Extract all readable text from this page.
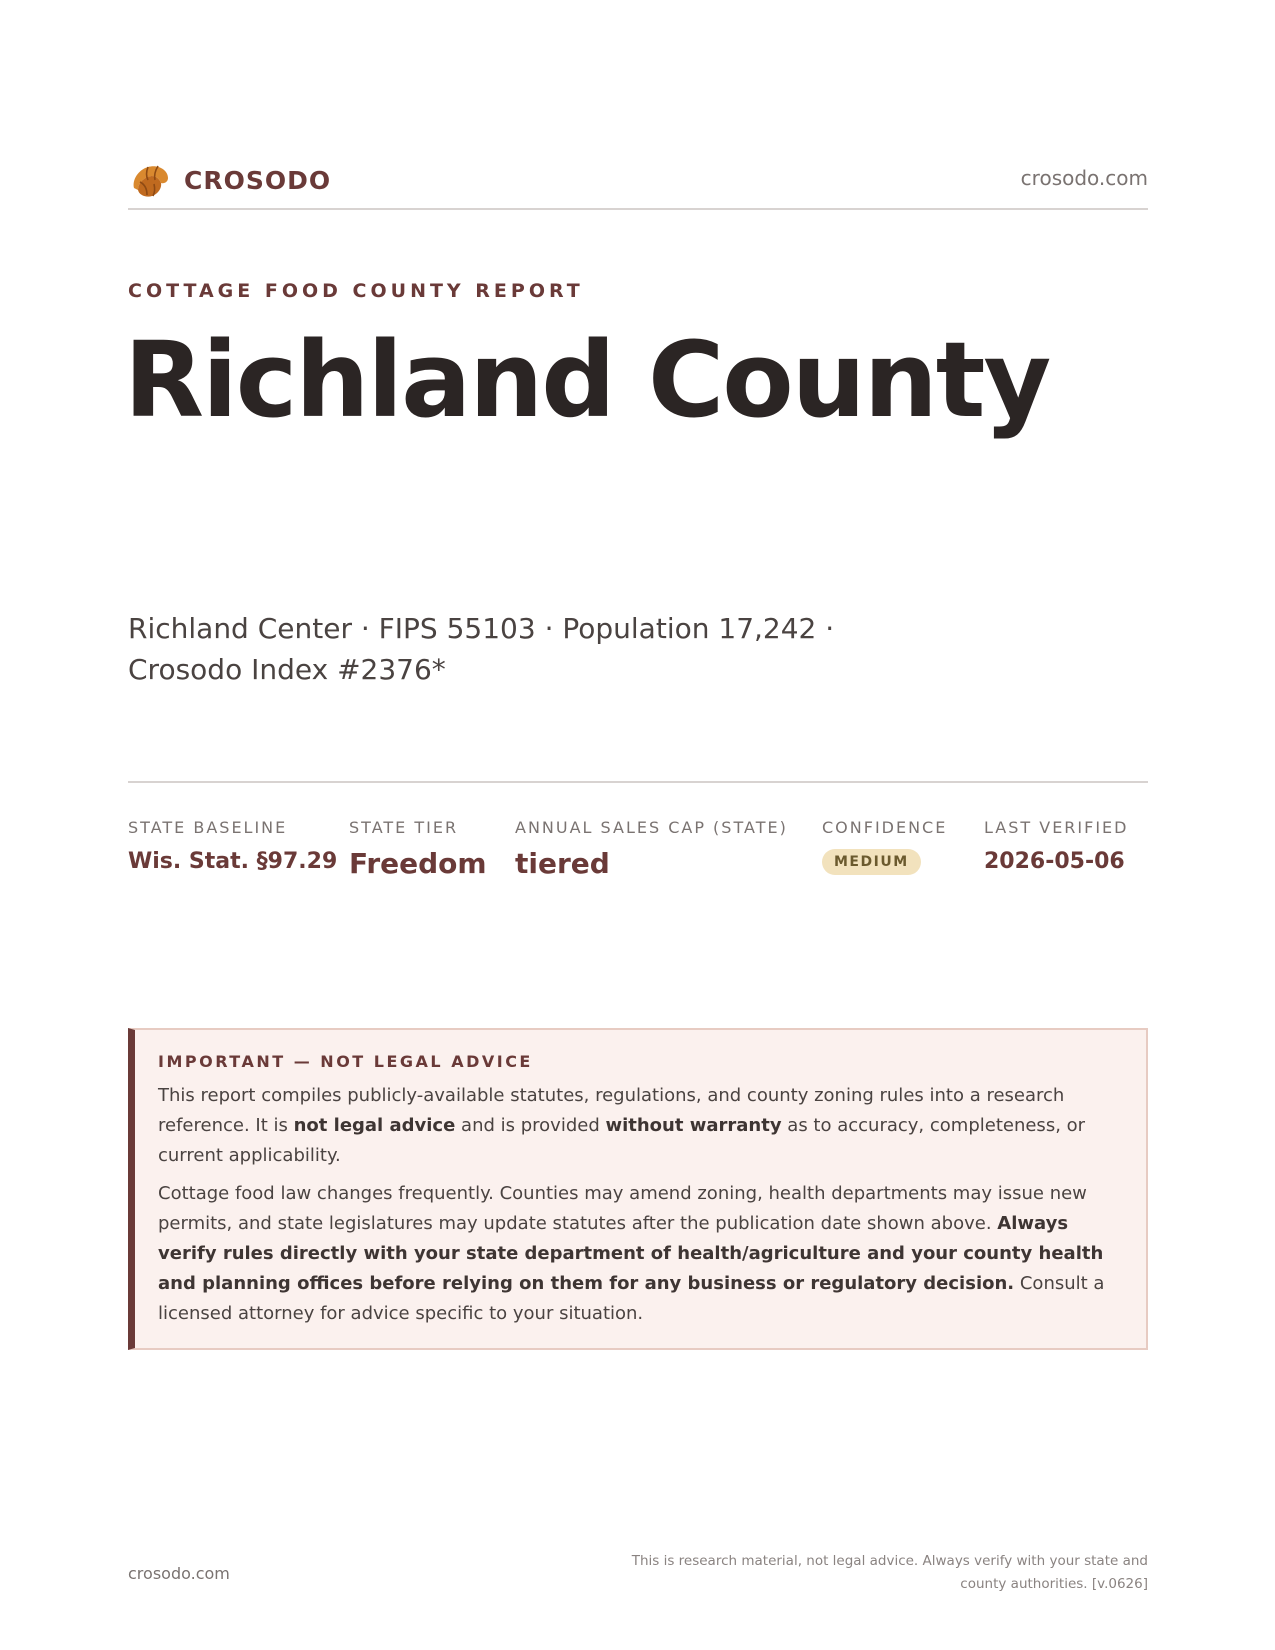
CROSODO	crosodo.com
COTTAGE FOOD COUNTY REPORT
Richland County
Richland Center · FIPS 55103 · Population 17,242 · Crosodo Index #2376*
STATE BASELINE
Wis. Stat. §97.29
STATE TIER
Freedom
ANNUAL SALES CAP (STATE)
tiered
CONFIDENCE
MEDIUM
LAST VERIFIED
2026-05-06
IMPORTANT — NOT LEGAL ADVICE

This report compiles publicly-available statutes, regulations, and county zoning rules into a research reference. It is not legal advice and is provided without warranty as to accuracy, completeness, or current applicability.

Cottage food law changes frequently. Counties may amend zoning, health departments may issue new permits, and state legislatures may update statutes after the publication date shown above. Always verify rules directly with your state department of health/agriculture and your county health and planning offices before relying on them for any business or regulatory decision. Consult a licensed attorney for advice specific to your situation.

crosodo.com
This is research material, not legal advice. Always verify with your state and county authorities. [v.0626]
